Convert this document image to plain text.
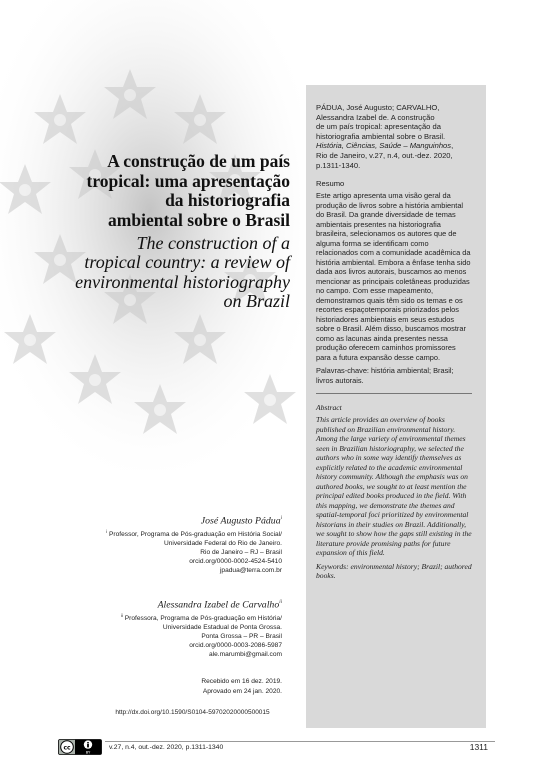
PÁDUA, José Augusto; CARVALHO,
Alessandra Izabel de. A construção
de um país tropical: apresentação da
historiografia ambiental sobre o Brasil.
História, Ciências, Saúde – Manguinhos,
Rio de Janeiro, v.27, n.4, out.-dez. 2020,
p.1311-1340.
Resumo
Este artigo apresenta uma visão geral da produção de livros sobre a história ambiental do Brasil. Da grande diversidade de temas ambientais presentes na historiografia brasileira, selecionamos os autores que de alguma forma se identificam como relacionados com a comunidade acadêmica da história ambiental. Embora a ênfase tenha sido dada aos livros autorais, buscamos ao menos mencionar as principais coletâneas produzidas no campo. Com esse mapeamento, demonstramos quais têm sido os temas e os recortes espaçotemporais priorizados pelos historiadores ambientais em seus estudos sobre o Brasil. Além disso, buscamos mostrar como as lacunas ainda presentes nessa produção oferecem caminhos promissores para a futura expansão desse campo.
Palavras-chave: história ambiental; Brasil; livros autorais.
Abstract
This article provides an overview of books published on Brazilian environmental history. Among the large variety of environmental themes seen in Brazilian historiography, we selected the authors who in some way identify themselves as explicitly related to the academic environmental history community. Although the emphasis was on authored books, we sought to at least mention the principal edited books produced in the field. With this mapping, we demonstrate the themes and spatial-temporal foci prioritized by environmental historians in their studies on Brazil. Additionally, we sought to show how the gaps still existing in the literature provide promising paths for future expansion of this field.
Keywords: environmental history; Brazil; authored books.
A construção de um país
tropical: uma apresentação
da historiografia
ambiental sobre o Brasil
The construction of a
tropical country: a review of
environmental historiography
on Brazil
José Augusto Pádua$^i$
$^i$ Professor, Programa de Pós-graduação em História Social/
Universidade Federal do Rio de Janeiro.
Rio de Janeiro – RJ – Brasil
orcid.org/0000-0002-4524-5410
jpadua@terra.com.br
Alessandra Izabel de Carvalho$^{ii}$
$^{ii}$ Professora, Programa de Pós-graduação em História/
Universidade Estadual de Ponta Grossa.
Ponta Grossa – PR – Brasil
orcid.org/0000-0003-2086-5987
ale.marumbi@gmail.com
Recebido em 16 dez. 2019.
Aprovado em 24 jan. 2020.
http://dx.doi.org/10.1590/S0104-59702020000500015
cc
BY
v.27, n.4, out.-dez. 2020, p.1311-1340	1311
